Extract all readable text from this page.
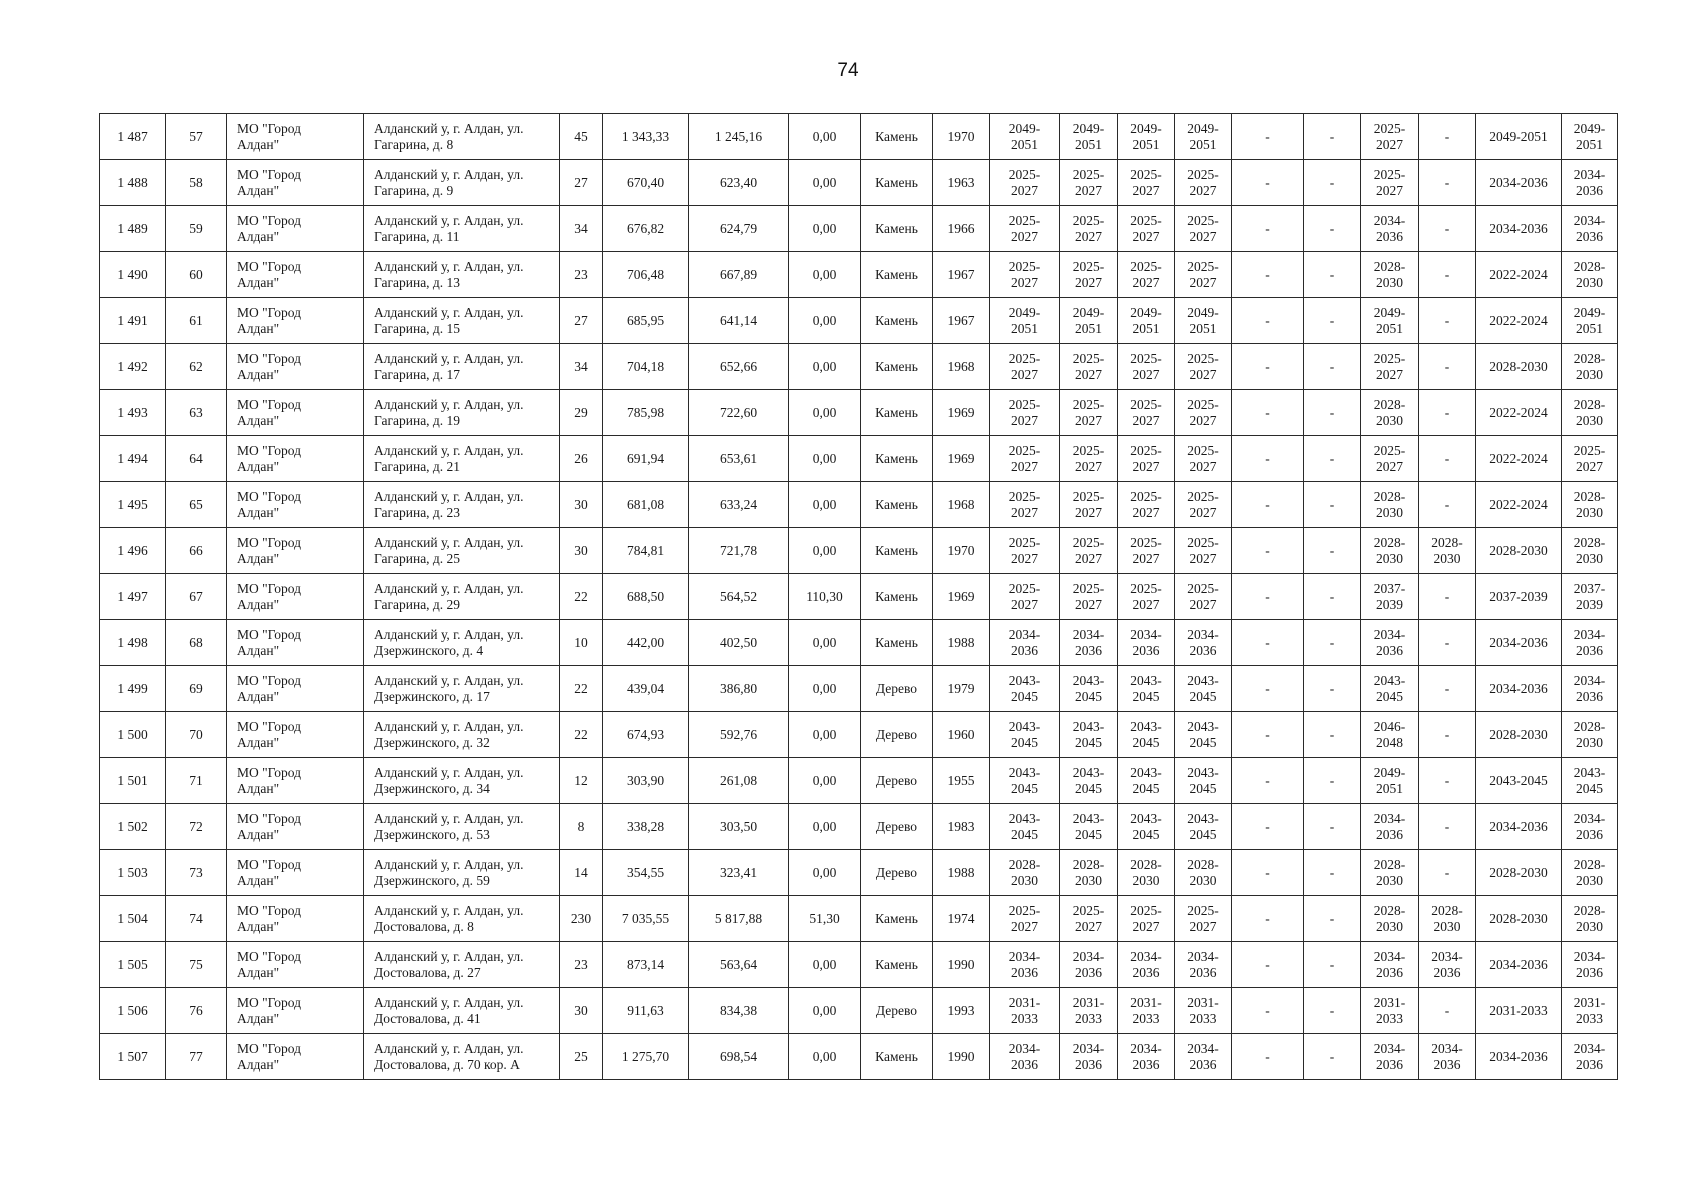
74
1 487	57	МО "Город
Алдан"	Алданский у, г. Алдан, ул.
Гагарина, д. 8	45	1 343,33	1 245,16	0,00	Камень	1970	2049-
2051	2049-
2051	2049-
2051	2049-
2051	-	-	2025-
2027	-	2049-2051	2049-
2051
1 488	58	МО "Город
Алдан"	Алданский у, г. Алдан, ул.
Гагарина, д. 9	27	670,40	623,40	0,00	Камень	1963	2025-
2027	2025-
2027	2025-
2027	2025-
2027	-	-	2025-
2027	-	2034-2036	2034-
2036
1 489	59	МО "Город
Алдан"	Алданский у, г. Алдан, ул.
Гагарина, д. 11	34	676,82	624,79	0,00	Камень	1966	2025-
2027	2025-
2027	2025-
2027	2025-
2027	-	-	2034-
2036	-	2034-2036	2034-
2036
1 490	60	МО "Город
Алдан"	Алданский у, г. Алдан, ул.
Гагарина, д. 13	23	706,48	667,89	0,00	Камень	1967	2025-
2027	2025-
2027	2025-
2027	2025-
2027	-	-	2028-
2030	-	2022-2024	2028-
2030
1 491	61	МО "Город
Алдан"	Алданский у, г. Алдан, ул.
Гагарина, д. 15	27	685,95	641,14	0,00	Камень	1967	2049-
2051	2049-
2051	2049-
2051	2049-
2051	-	-	2049-
2051	-	2022-2024	2049-
2051
1 492	62	МО "Город
Алдан"	Алданский у, г. Алдан, ул.
Гагарина, д. 17	34	704,18	652,66	0,00	Камень	1968	2025-
2027	2025-
2027	2025-
2027	2025-
2027	-	-	2025-
2027	-	2028-2030	2028-
2030
1 493	63	МО "Город
Алдан"	Алданский у, г. Алдан, ул.
Гагарина, д. 19	29	785,98	722,60	0,00	Камень	1969	2025-
2027	2025-
2027	2025-
2027	2025-
2027	-	-	2028-
2030	-	2022-2024	2028-
2030
1 494	64	МО "Город
Алдан"	Алданский у, г. Алдан, ул.
Гагарина, д. 21	26	691,94	653,61	0,00	Камень	1969	2025-
2027	2025-
2027	2025-
2027	2025-
2027	-	-	2025-
2027	-	2022-2024	2025-
2027
1 495	65	МО "Город
Алдан"	Алданский у, г. Алдан, ул.
Гагарина, д. 23	30	681,08	633,24	0,00	Камень	1968	2025-
2027	2025-
2027	2025-
2027	2025-
2027	-	-	2028-
2030	-	2022-2024	2028-
2030
1 496	66	МО "Город
Алдан"	Алданский у, г. Алдан, ул.
Гагарина, д. 25	30	784,81	721,78	0,00	Камень	1970	2025-
2027	2025-
2027	2025-
2027	2025-
2027	-	-	2028-
2030	2028-
2030	2028-2030	2028-
2030
1 497	67	МО "Город
Алдан"	Алданский у, г. Алдан, ул.
Гагарина, д. 29	22	688,50	564,52	110,30	Камень	1969	2025-
2027	2025-
2027	2025-
2027	2025-
2027	-	-	2037-
2039	-	2037-2039	2037-
2039
1 498	68	МО "Город
Алдан"	Алданский у, г. Алдан, ул.
Дзержинского, д. 4	10	442,00	402,50	0,00	Камень	1988	2034-
2036	2034-
2036	2034-
2036	2034-
2036	-	-	2034-
2036	-	2034-2036	2034-
2036
1 499	69	МО "Город
Алдан"	Алданский у, г. Алдан, ул.
Дзержинского, д. 17	22	439,04	386,80	0,00	Дерево	1979	2043-
2045	2043-
2045	2043-
2045	2043-
2045	-	-	2043-
2045	-	2034-2036	2034-
2036
1 500	70	МО "Город
Алдан"	Алданский у, г. Алдан, ул.
Дзержинского, д. 32	22	674,93	592,76	0,00	Дерево	1960	2043-
2045	2043-
2045	2043-
2045	2043-
2045	-	-	2046-
2048	-	2028-2030	2028-
2030
1 501	71	МО "Город
Алдан"	Алданский у, г. Алдан, ул.
Дзержинского, д. 34	12	303,90	261,08	0,00	Дерево	1955	2043-
2045	2043-
2045	2043-
2045	2043-
2045	-	-	2049-
2051	-	2043-2045	2043-
2045
1 502	72	МО "Город
Алдан"	Алданский у, г. Алдан, ул.
Дзержинского, д. 53	8	338,28	303,50	0,00	Дерево	1983	2043-
2045	2043-
2045	2043-
2045	2043-
2045	-	-	2034-
2036	-	2034-2036	2034-
2036
1 503	73	МО "Город
Алдан"	Алданский у, г. Алдан, ул.
Дзержинского, д. 59	14	354,55	323,41	0,00	Дерево	1988	2028-
2030	2028-
2030	2028-
2030	2028-
2030	-	-	2028-
2030	-	2028-2030	2028-
2030
1 504	74	МО "Город
Алдан"	Алданский у, г. Алдан, ул.
Достовалова, д. 8	230	7 035,55	5 817,88	51,30	Камень	1974	2025-
2027	2025-
2027	2025-
2027	2025-
2027	-	-	2028-
2030	2028-
2030	2028-2030	2028-
2030
1 505	75	МО "Город
Алдан"	Алданский у, г. Алдан, ул.
Достовалова, д. 27	23	873,14	563,64	0,00	Камень	1990	2034-
2036	2034-
2036	2034-
2036	2034-
2036	-	-	2034-
2036	2034-
2036	2034-2036	2034-
2036
1 506	76	МО "Город
Алдан"	Алданский у, г. Алдан, ул.
Достовалова, д. 41	30	911,63	834,38	0,00	Дерево	1993	2031-
2033	2031-
2033	2031-
2033	2031-
2033	-	-	2031-
2033	-	2031-2033	2031-
2033
1 507	77	МО "Город
Алдан"	Алданский у, г. Алдан, ул.
Достовалова, д. 70 кор. А	25	1 275,70	698,54	0,00	Камень	1990	2034-
2036	2034-
2036	2034-
2036	2034-
2036	-	-	2034-
2036	2034-
2036	2034-2036	2034-
2036
